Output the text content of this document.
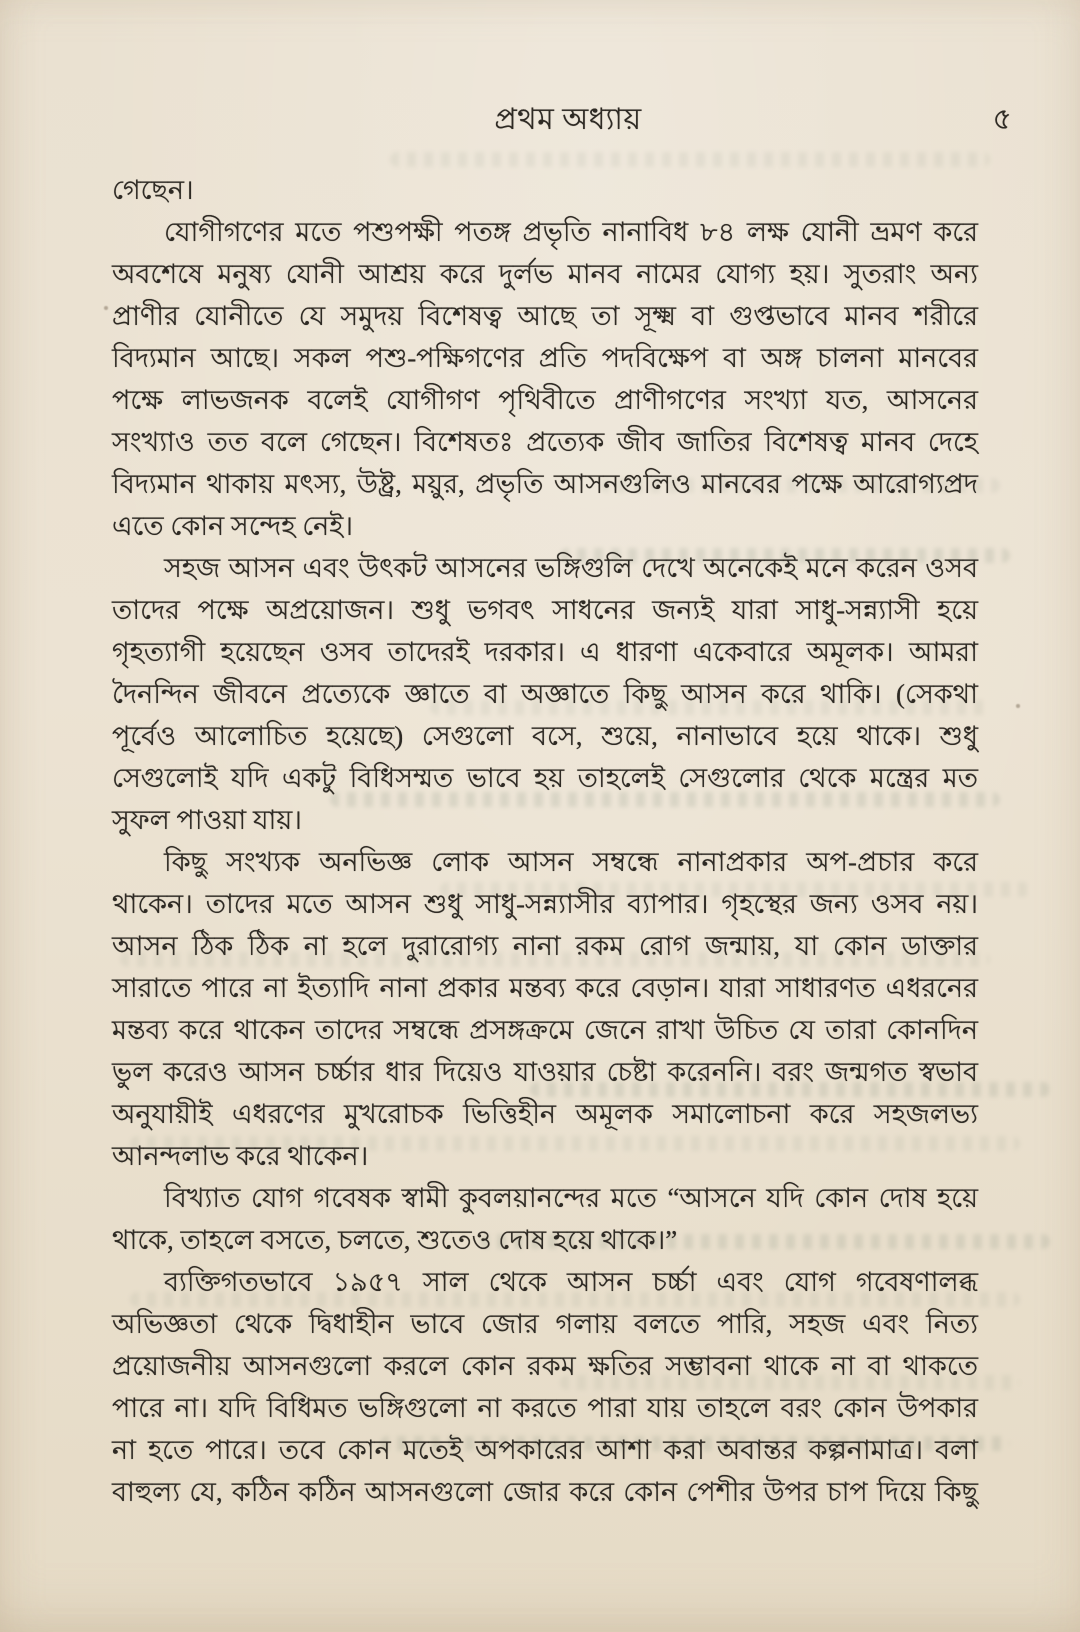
প্রথম অধ্যায়	৫
গেছেন।
যোগীগণের মতে পশুপক্ষী পতঙ্গ প্রভৃতি নানাবিধ ৮৪ লক্ষ যোনী ভ্রমণ করে
অবশেষে মনুষ্য যোনী আশ্রয় করে দুর্লভ মানব নামের যোগ্য হয়। সুতরাং অন্য
প্রাণীর যোনীতে যে সমুদয় বিশেষত্ব আছে তা সূক্ষ্ম বা গুপ্তভাবে মানব শরীরে
বিদ্যমান আছে। সকল পশু-পক্ষিগণের প্রতি পদবিক্ষেপ বা অঙ্গ চালনা মানবের
পক্ষে লাভজনক বলেই যোগীগণ পৃথিবীতে প্রাণীগণের সংখ্যা যত, আসনের
সংখ্যাও তত বলে গেছেন। বিশেষতঃ প্রত্যেক জীব জাতির বিশেষত্ব মানব দেহে
বিদ্যমান থাকায় মৎস্য, উষ্ট্র, ময়ুর, প্রভৃতি আসনগুলিও মানবের পক্ষে আরোগ্যপ্রদ
এতে কোন সন্দেহ নেই।
সহজ আসন এবং উৎকট আসনের ভঙ্গিগুলি দেখে অনেকেই মনে করেন ওসব
তাদের পক্ষে অপ্রয়োজন। শুধু ভগবৎ সাধনের জন্যই যারা সাধু-সন্ন্যাসী হয়ে
গৃহত্যাগী হয়েছেন ওসব তাদেরই দরকার। এ ধারণা একেবারে অমূলক। আমরা
দৈনন্দিন জীবনে প্রত্যেকে জ্ঞাতে বা অজ্ঞাতে কিছু আসন করে থাকি। (সেকথা
পূর্বেও আলোচিত হয়েছে) সেগুলো বসে, শুয়ে, নানাভাবে হয়ে থাকে। শুধু
সেগুলোই যদি একটু বিধিসম্মত ভাবে হয় তাহলেই সেগুলোর থেকে মন্ত্রের মত
সুফল পাওয়া যায়।
কিছু সংখ্যক অনভিজ্ঞ লোক আসন সম্বন্ধে নানাপ্রকার অপ-প্রচার করে
থাকেন। তাদের মতে আসন শুধু সাধু-সন্ন্যাসীর ব্যাপার। গৃহস্থের জন্য ওসব নয়।
আসন ঠিক ঠিক না হলে দুরারোগ্য নানা রকম রোগ জন্মায়, যা কোন ডাক্তার
সারাতে পারে না ইত্যাদি নানা প্রকার মন্তব্য করে বেড়ান। যারা সাধারণত এধরনের
মন্তব্য করে থাকেন তাদের সম্বন্ধে প্রসঙ্গক্রমে জেনে রাখা উচিত যে তারা কোনদিন
ভুল করেও আসন চর্চ্চার ধার দিয়েও যাওয়ার চেষ্টা করেননি। বরং জন্মগত স্বভাব
অনুযায়ীই এধরণের মুখরোচক ভিত্তিহীন অমূলক সমালোচনা করে সহজলভ্য
আনন্দলাভ করে থাকেন।
বিখ্যাত যোগ গবেষক স্বামী কুবলয়ানন্দের মতে “আসনে যদি কোন দোষ হয়ে
থাকে, তাহলে বসতে, চলতে, শুতেও দোষ হয়ে থাকে।”
ব্যক্তিগতভাবে ১৯৫৭ সাল থেকে আসন চর্চ্চা এবং যোগ গবেষণালব্ধ
অভিজ্ঞতা থেকে দ্বিধাহীন ভাবে জোর গলায় বলতে পারি, সহজ এবং নিত্য
প্রয়োজনীয় আসনগুলো করলে কোন রকম ক্ষতির সম্ভাবনা থাকে না বা থাকতে
পারে না। যদি বিধিমত ভঙ্গিগুলো না করতে পারা যায় তাহলে বরং কোন উপকার
না হতে পারে। তবে কোন মতেই অপকারের আশা করা অবান্তর কল্পনামাত্র। বলা
বাহুল্য যে, কঠিন কঠিন আসনগুলো জোর করে কোন পেশীর উপর চাপ দিয়ে কিছু
